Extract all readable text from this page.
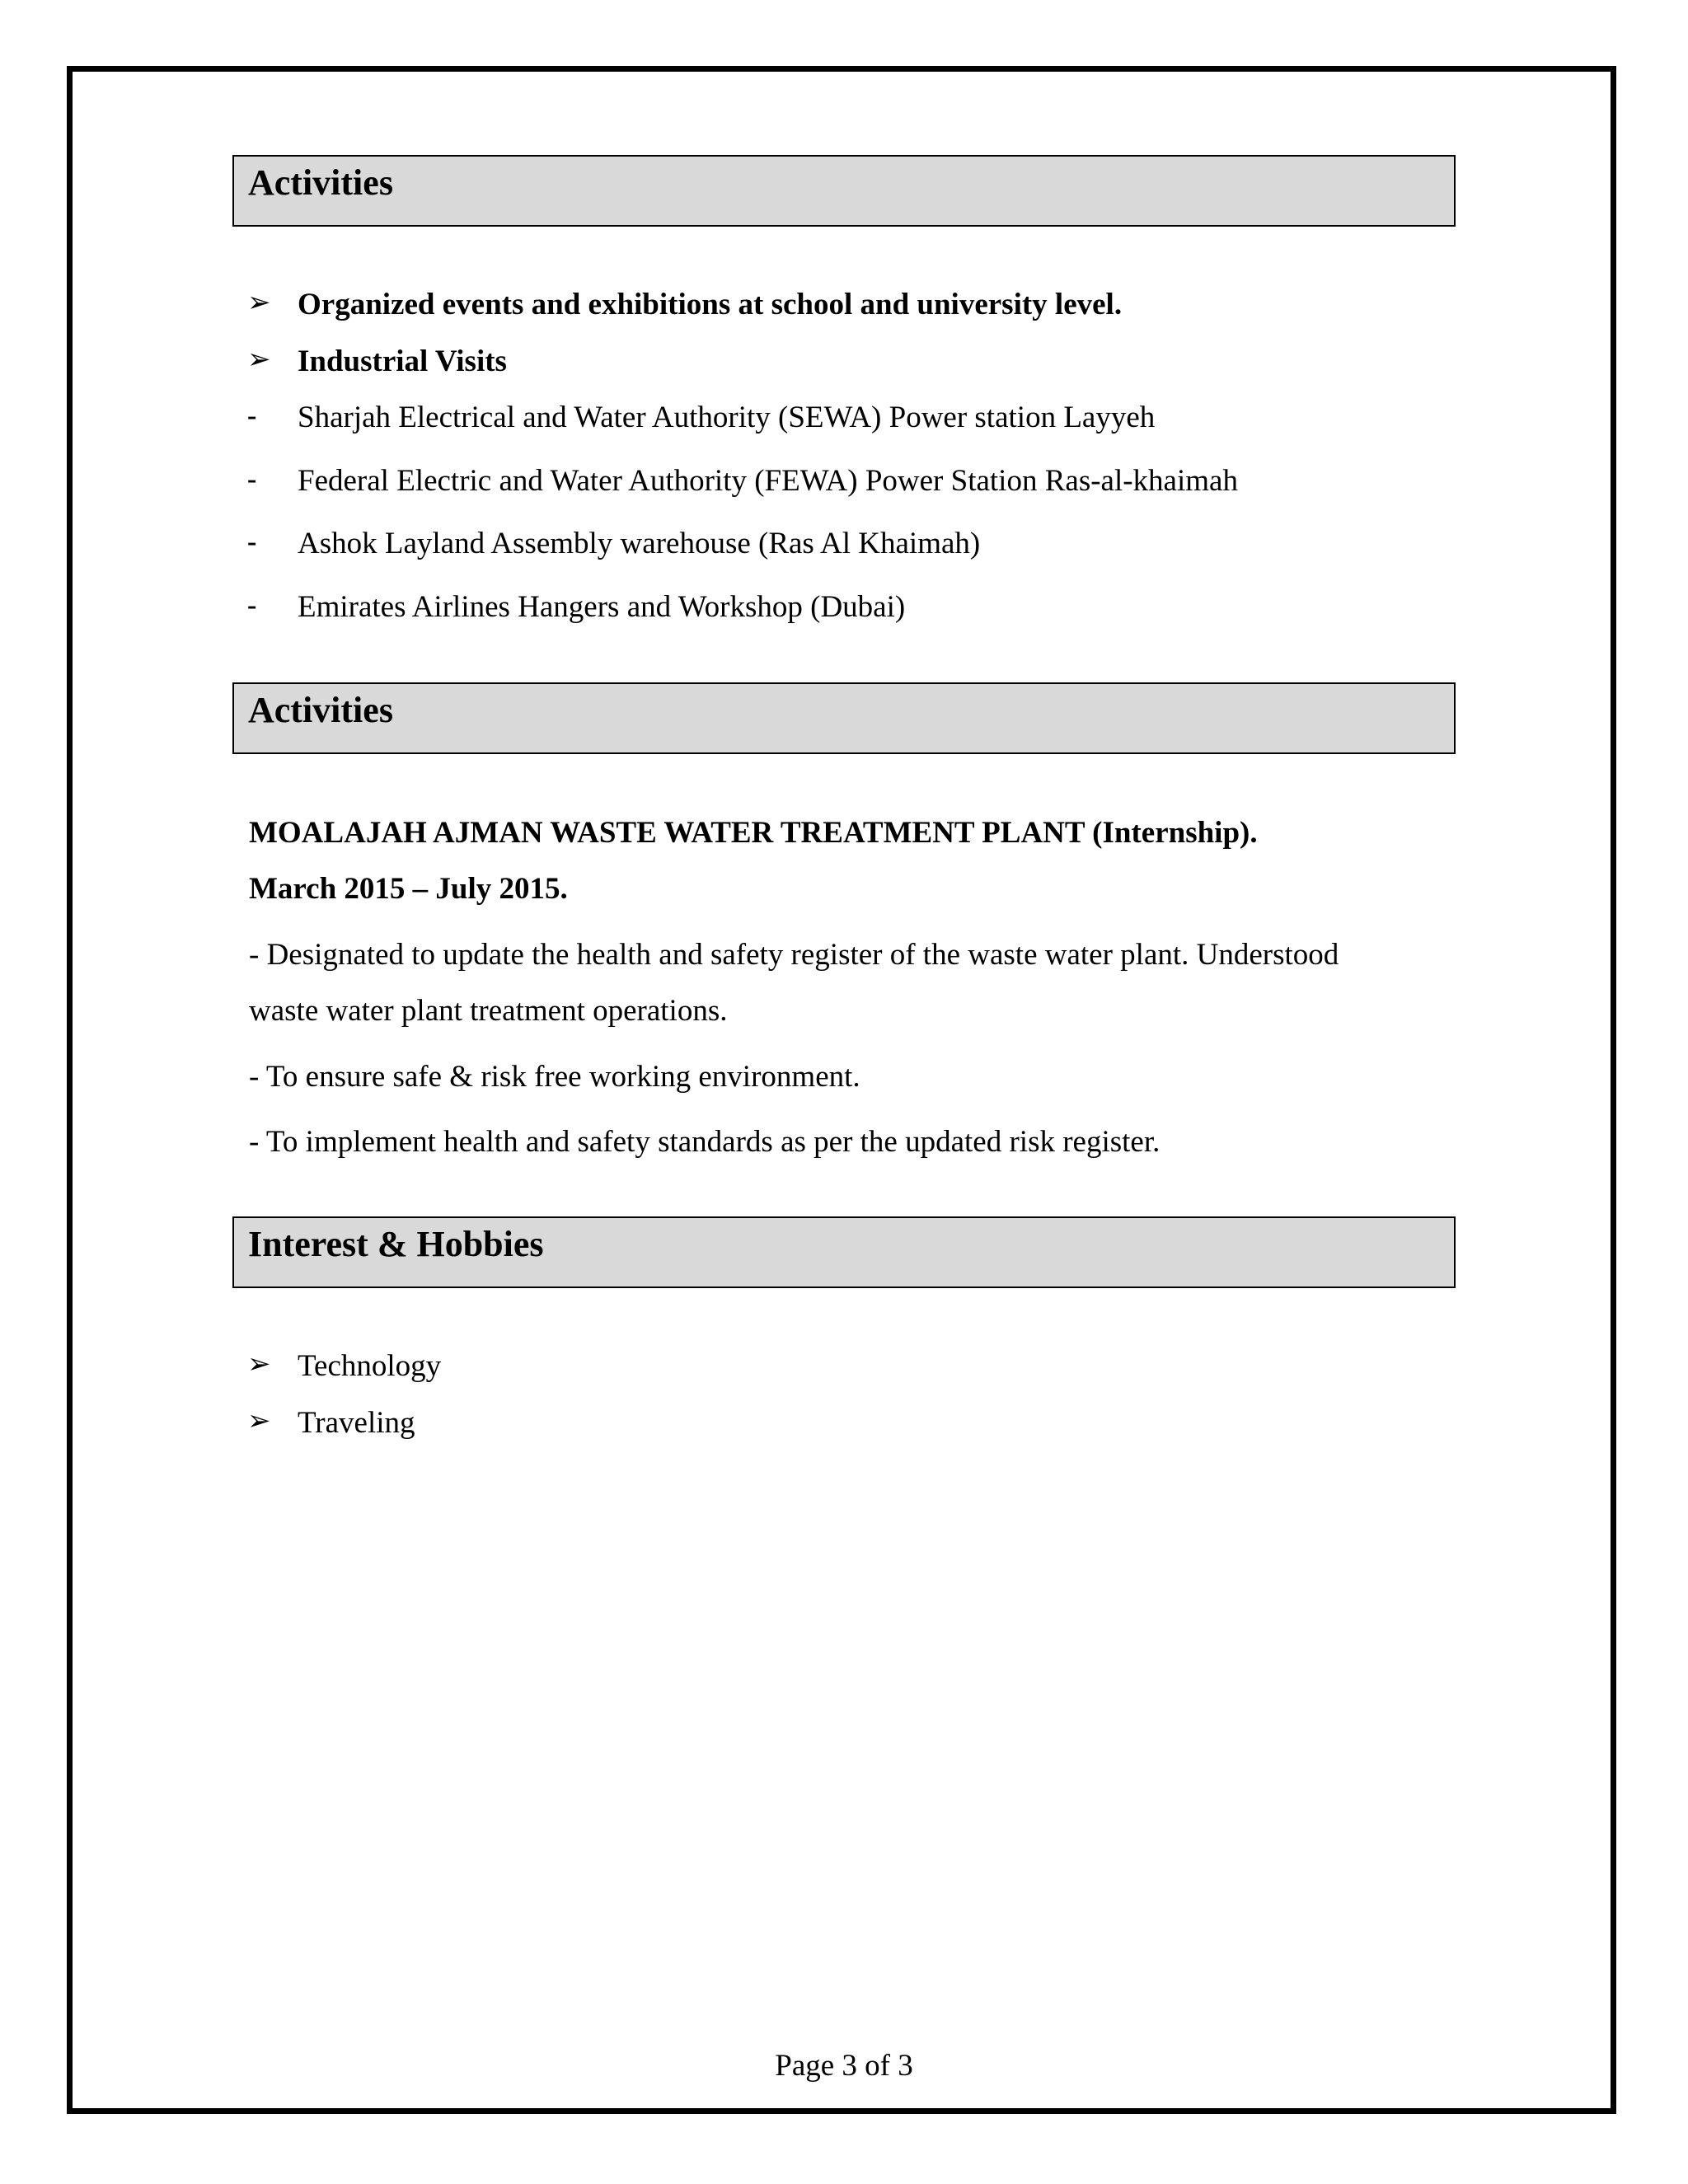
Activities
➢ Organized events and exhibitions at school and university level.
➢ Industrial Visits
- Sharjah Electrical and Water Authority (SEWA) Power station Layyeh
- Federal Electric and Water Authority (FEWA) Power Station Ras-al-khaimah
- Ashok Layland Assembly warehouse (Ras Al Khaimah)
- Emirates Airlines Hangers and Workshop (Dubai)
Activities
MOALAJAH AJMAN WASTE WATER TREATMENT PLANT (Internship).
March 2015 – July 2015.
- Designated to update the health and safety register of the waste water plant. Understood
waste water plant treatment operations.
- To ensure safe & risk free working environment.
- To implement health and safety standards as per the updated risk register.
Interest & Hobbies
➢ Technology
➢ Traveling
Page 3 of 3
